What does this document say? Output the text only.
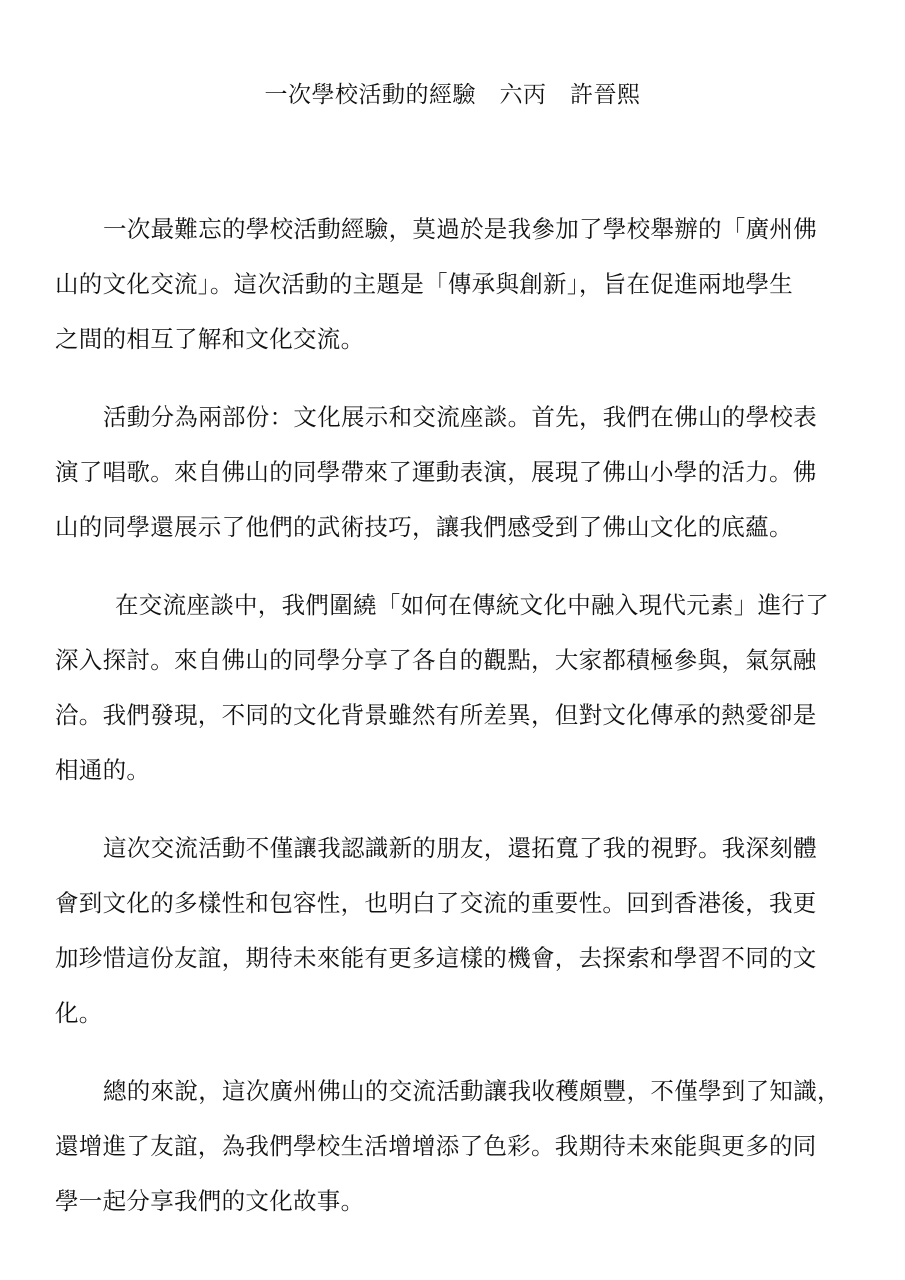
一次學校活動的經驗　六丙　許晉熙
一次最難忘的學校活動經驗，莫過於是我參加了學校舉辦的「廣州佛
山的文化交流」。這次活動的主題是「傳承與創新」，旨在促進兩地學生
之間的相互了解和文化交流。
活動分為兩部份：文化展示和交流座談。首先，我們在佛山的學校表
演了唱歌。來自佛山的同學帶來了運動表演，展現了佛山小學的活力。佛
山的同學還展示了他們的武術技巧，讓我們感受到了佛山文化的底蘊。
在交流座談中，我們圍繞「如何在傳統文化中融入現代元素」進行了
深入探討。來自佛山的同學分享了各自的觀點，大家都積極參與，氣氛融
洽。我們發現，不同的文化背景雖然有所差異，但對文化傳承的熱愛卻是
相通的。
這次交流活動不僅讓我認識新的朋友，還拓寬了我的視野。我深刻體
會到文化的多樣性和包容性，也明白了交流的重要性。回到香港後，我更
加珍惜這份友誼，期待未來能有更多這樣的機會，去探索和學習不同的文
化。
總的來說，這次廣州佛山的交流活動讓我收穫頗豐，不僅學到了知識，
還增進了友誼，為我們學校生活增增添了色彩。我期待未來能與更多的同
學一起分享我們的文化故事。
